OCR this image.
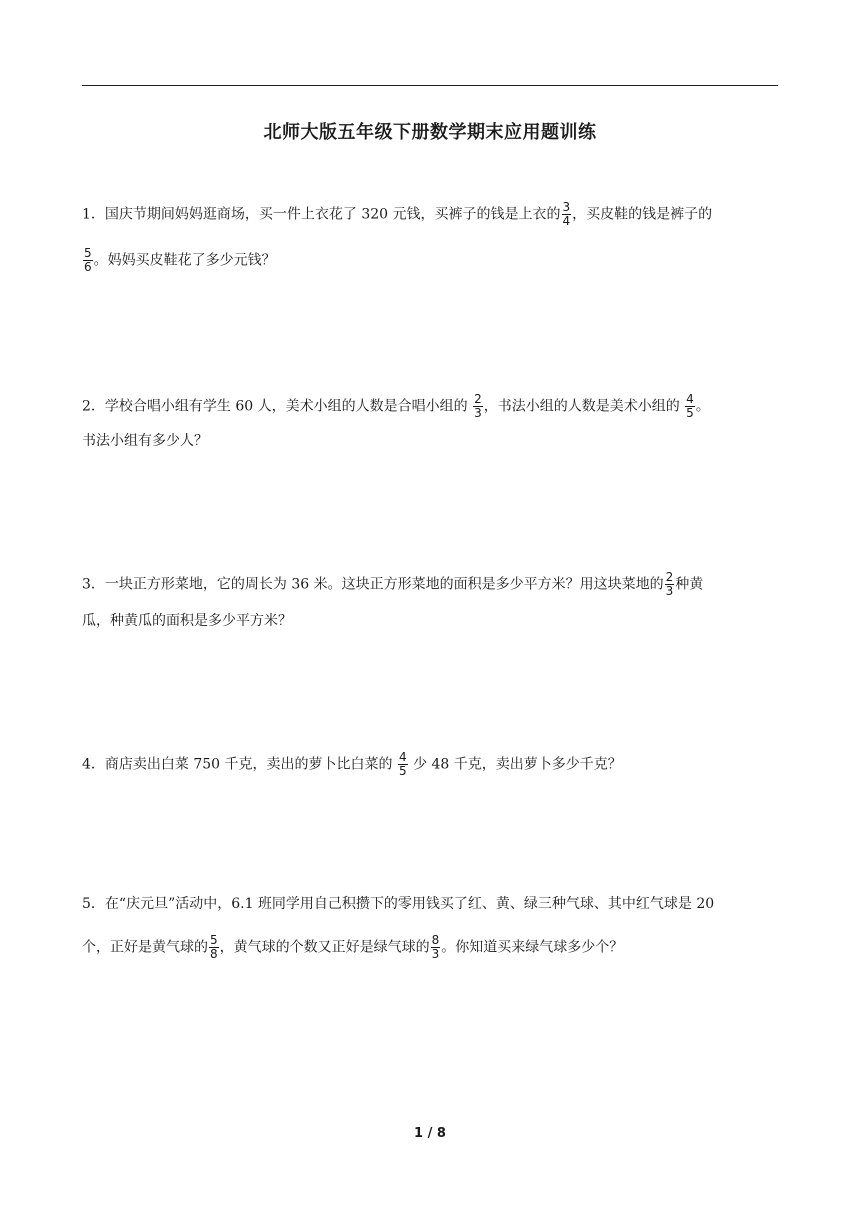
北师大版五年级下册数学期末应用题训练
1．国庆节期间妈妈逛商场，买一件上衣花了 320 元钱，买裤子的钱是上衣的 $\frac{3}{4}$ ，买皮鞋的钱是裤子的
$\frac{5}{6}$ 。妈妈买皮鞋花了多少元钱？
2．学校合唱小组有学生 60 人，美术小组的人数是合唱小组的 $\frac{2}{3}$ ，书法小组的人数是美术小组的 $\frac{4}{5}$ 。
书法小组有多少人？
3．一块正方形菜地，它的周长为 36 米。这块正方形菜地的面积是多少平方米？用这块菜地的 $\frac{2}{3}$ 种黄
瓜，种黄瓜的面积是多少平方米？
4．商店卖出白菜 750 千克，卖出的萝卜比白菜的 $\frac{4}{5}$ 少 48 千克，卖出萝卜多少千克？
5．在“庆元旦”活动中，6.1 班同学用自己积攒下的零用钱买了红、黄、绿三种气球、其中红气球是 20
个，正好是黄气球的 $\frac{5}{8}$ ，黄气球的个数又正好是绿气球的 $\frac{8}{3}$ 。你知道买来绿气球多少个？
1 / 8
